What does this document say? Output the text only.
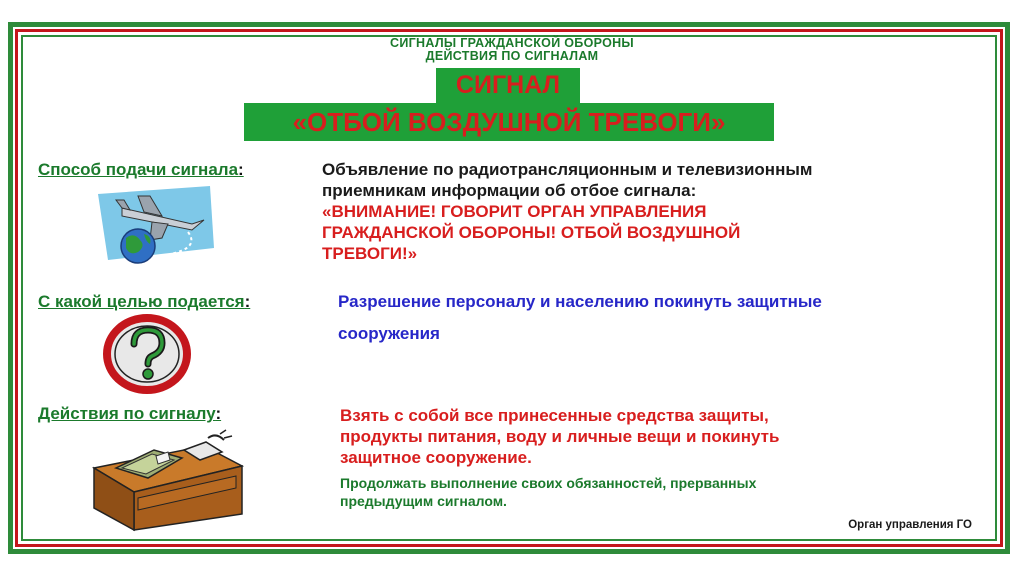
СИГНАЛЫ ГРАЖДАНСКОЙ ОБОРОНЫ
ДЕЙСТВИЯ ПО СИГНАЛАМ
СИГНАЛ
«ОТБОЙ ВОЗДУШНОЙ ТРЕВОГИ»
Способ подачи сигнала:	Объявление по радиотрансляционным и телевизионным
приемникам информации об отбое сигнала:
«ВНИМАНИЕ! ГОВОРИТ ОРГАН УПРАВЛЕНИЯ
ГРАЖДАНСКОЙ ОБОРОНЫ! ОТБОЙ ВОЗДУШНОЙ
ТРЕВОГИ!»
С какой целью подается:	Разрешение персоналу и населению покинуть защитные
сооружения
Действия по сигналу:	Взять с собой все принесенные средства защиты,
продукты питания, воду и личные вещи и покинуть
защитное сооружение.
Продолжать выполнение своих обязанностей, прерванных
предыдущим сигналом.
Орган управления ГО
